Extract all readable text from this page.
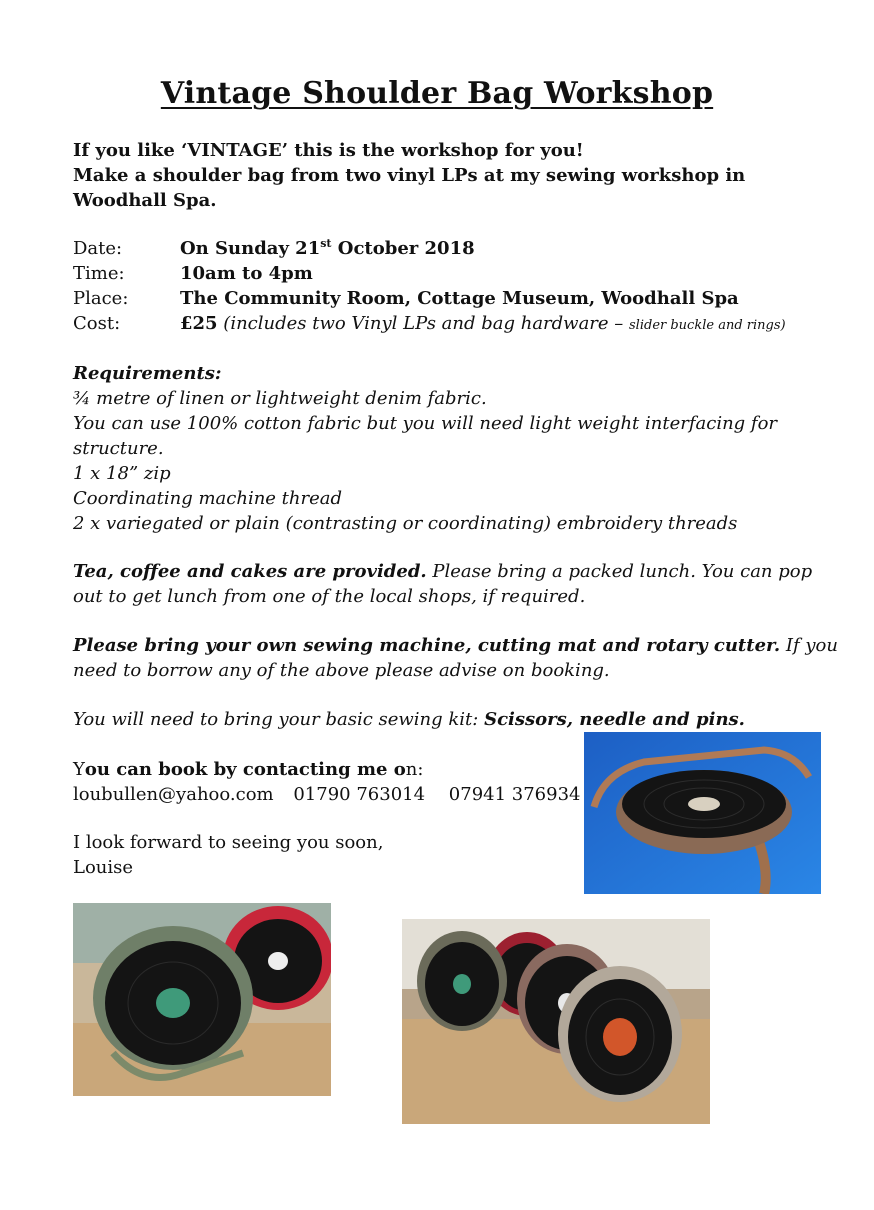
Vintage Shoulder Bag Workshop
If you like ‘VINTAGE’ this is the workshop for you!
Make a shoulder bag from two vinyl LPs at my sewing workshop in
Woodhall Spa.
Date:	On Sunday 21st October 2018
Time:	10am to 4pm
Place:	The Community Room, Cottage Museum, Woodhall Spa
Cost:	£25 (includes two Vinyl LPs and bag hardware – slider buckle and rings)
Requirements:
¾ metre of linen or lightweight denim fabric.
You can use 100% cotton fabric but you will need light weight interfacing for
structure.
1 x 18” zip
Coordinating machine thread
2 x variegated or plain (contrasting or coordinating) embroidery threads
Tea, coffee and cakes are provided. Please bring a packed lunch. You can pop
out to get lunch from one of the local shops, if required.
Please bring your own sewing machine, cutting mat and rotary cutter. If you
need to borrow any of the above please advise on booking.
You will need to bring your basic sewing kit: Scissors, needle and pins.
You can book by contacting me on:
loubullen@yahoo.com 01790 763014 07941 376934
I look forward to seeing you soon,
Louise
